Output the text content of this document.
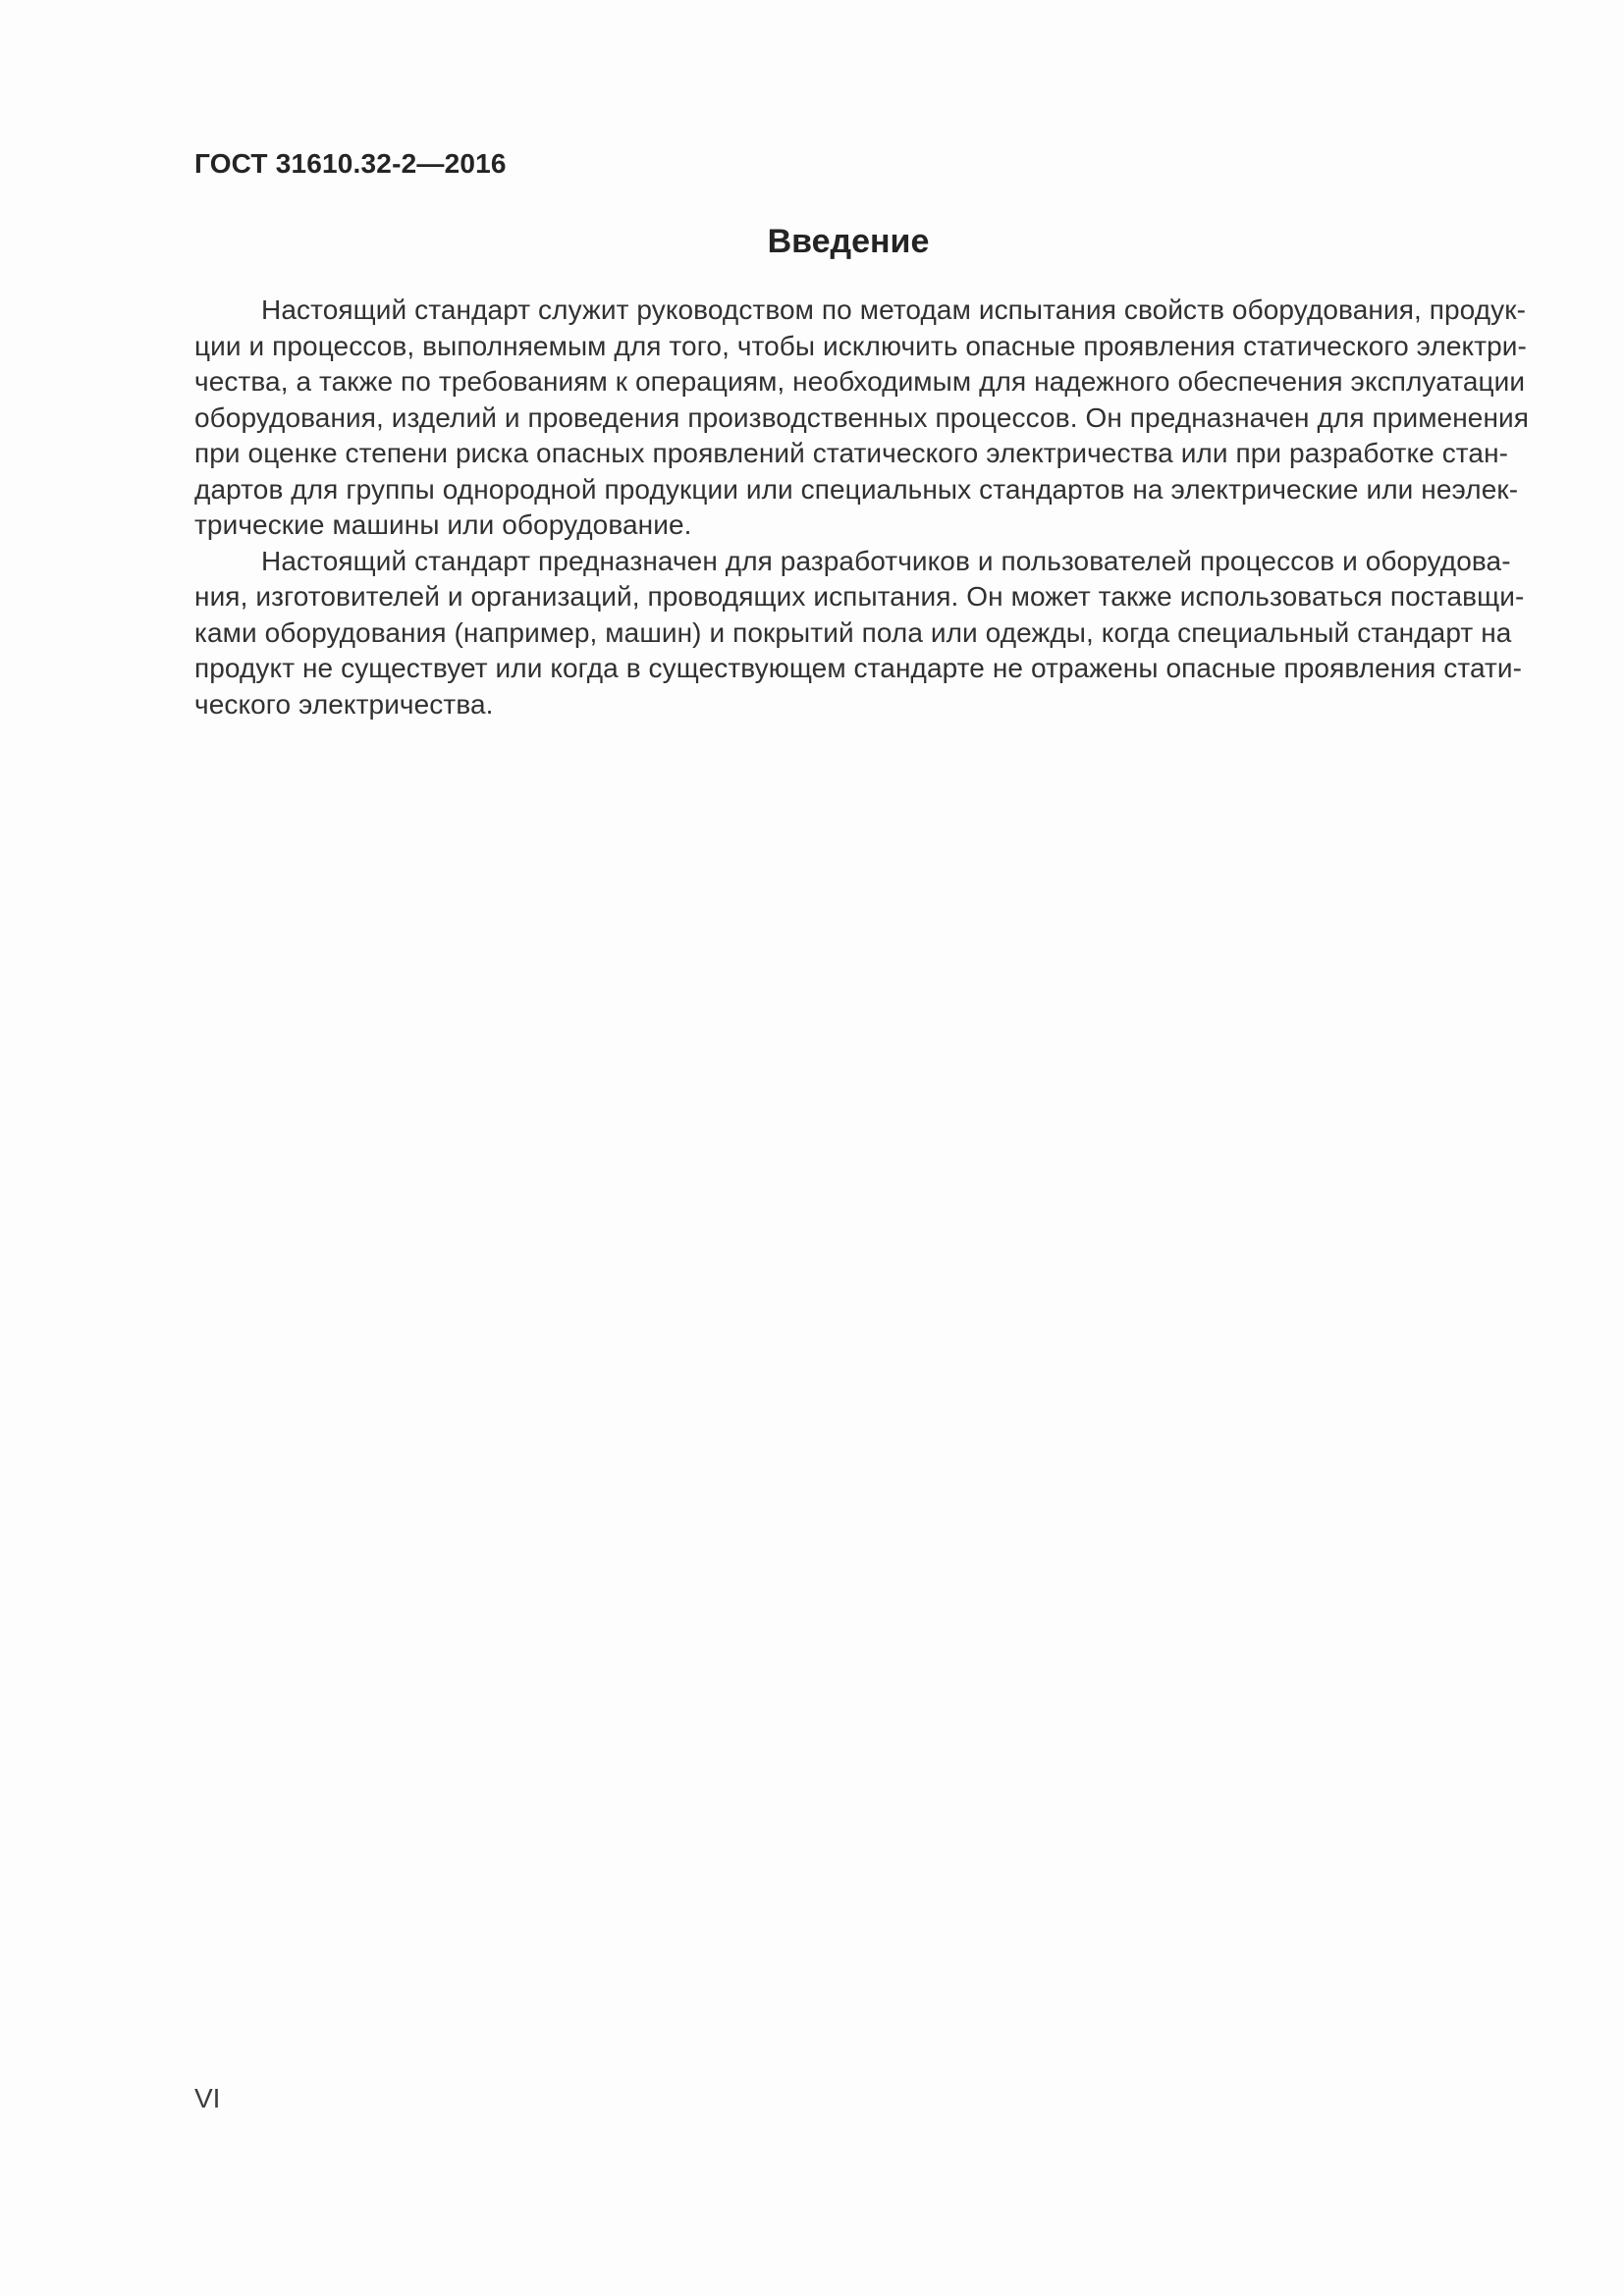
ГОСТ 31610.32-2—2016
Введение
Настоящий стандарт служит руководством по методам испытания свойств оборудования, продук-
ции и процессов, выполняемым для того, чтобы исключить опасные проявления статического электри-
чества, а также по требованиям к операциям, необходимым для надежного обеспечения эксплуатации
оборудования, изделий и проведения производственных процессов. Он предназначен для применения
при оценке степени риска опасных проявлений статического электричества или при разработке стан-
дартов для группы однородной продукции или специальных стандартов на электрические или неэлек-
трические машины или оборудование.
Настоящий стандарт предназначен для разработчиков и пользователей процессов и оборудова-
ния, изготовителей и организаций, проводящих испытания. Он может также использоваться поставщи-
ками оборудования (например, машин) и покрытий пола или одежды, когда специальный стандарт на
продукт не существует или когда в существующем стандарте не отражены опасные проявления стати-
ческого электричества.
VI
